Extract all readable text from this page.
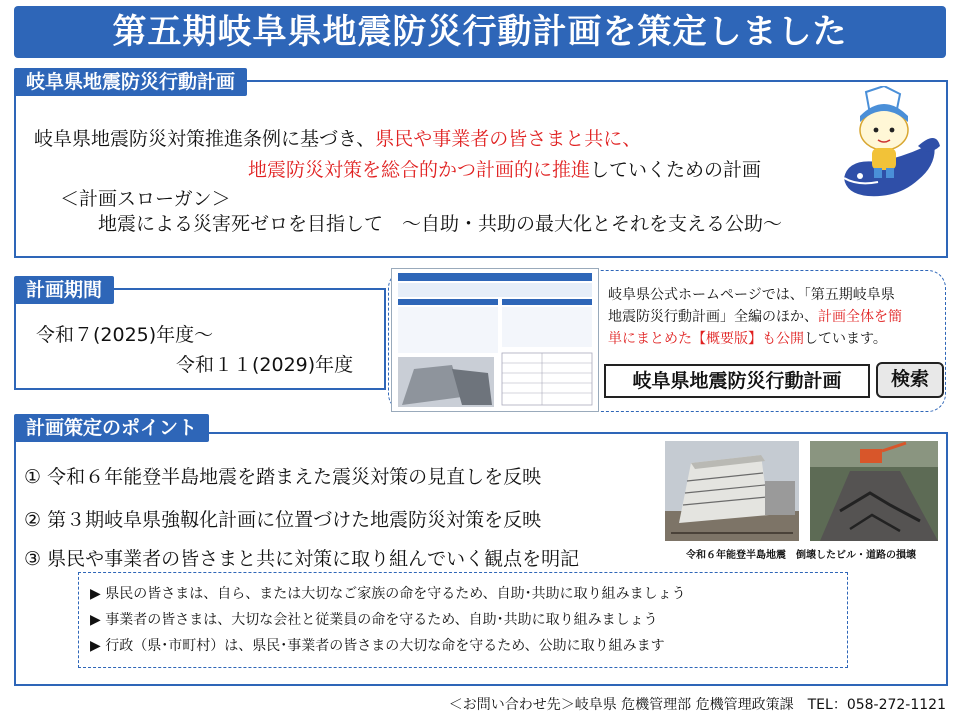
第五期岐阜県地震防災行動計画を策定しました
岐阜県地震防災行動計画
岐阜県地震防災対策推進条例に基づき、県民や事業者の皆さまと共に、
地震防災対策を総合的かつ計画的に推進していくための計画
＜計画スローガン＞
地震による災害死ゼロを目指して　～自助・共助の最大化とそれを支える公助～
計画期間
令和７(2025)年度～
令和１１(2029)年度
岐阜県公式ホームページでは、「第五期岐阜県
地震防災行動計画」全編のほか、計画全体を簡
単にまとめた【概要版】も公開しています。
岐阜県地震防災行動計画	検索
計画策定のポイント
① 令和６年能登半島地震を踏まえた震災対策の見直しを反映
② 第３期岐阜県強靱化計画に位置づけた地震防災対策を反映
③ 県民や事業者の皆さまと共に対策に取り組んでいく観点を明記	令和６年能登半島地震　倒壊したビル・道路の損壊
▶ 県民の皆さまは、自ら、または大切なご家族の命を守るため、自助･共助に取り組みましょう
▶ 事業者の皆さまは、大切な会社と従業員の命を守るため、自助･共助に取り組みましょう
▶ 行政（県･市町村）は、県民･事業者の皆さまの大切な命を守るため、公助に取り組みます
＜お問い合わせ先＞岐阜県 危機管理部 危機管理政策課　TEL：058-272-1121
